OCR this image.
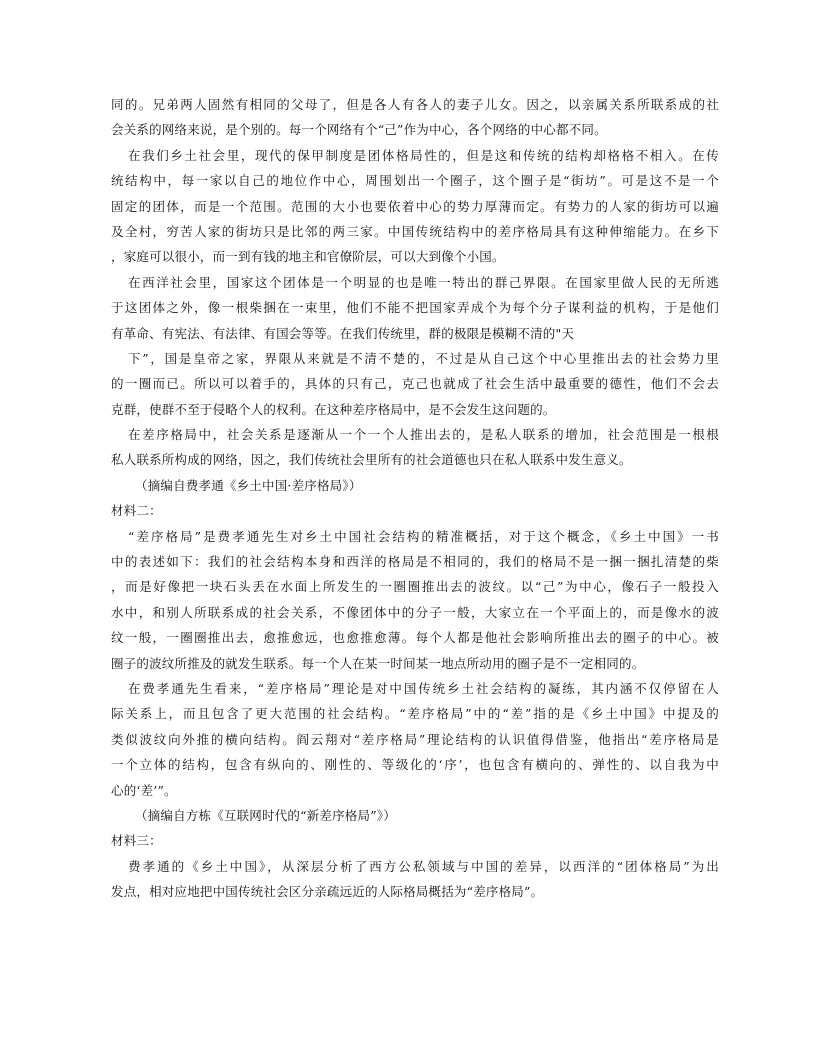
同的。兄弟两人固然有相同的父母了，但是各人有各人的妻子儿女。因之，以亲属关系所联系成的社
会关系的网络来说，是个别的。每一个网络有个“己”作为中心，各个网络的中心都不同。
在我们乡土社会里，现代的保甲制度是团体格局性的，但是这和传统的结构却格格不相入。在传
统结构中，每一家以自己的地位作中心，周围划出一个圈子，这个圈子是“街坊”。可是这不是一个
固定的团体，而是一个范围。范围的大小也要依着中心的势力厚薄而定。有势力的人家的街坊可以遍
及全村，穷苦人家的街坊只是比邻的两三家。中国传统结构中的差序格局具有这种伸缩能力。在乡下
，家庭可以很小，而一到有钱的地主和官僚阶层，可以大到像个小国。
在西洋社会里，国家这个团体是一个明显的也是唯一特出的群己界限。在国家里做人民的无所逃
于这团体之外，像一根柴捆在一束里，他们不能不把国家弄成个为每个分子谋利益的机构，于是他们
有革命、有宪法、有法律、有国会等等。在我们传统里，群的极限是模糊不清的"天
下”，国是皇帝之家，界限从来就是不清不楚的，不过是从自己这个中心里推出去的社会势力里
的一圈而已。所以可以着手的，具体的只有己，克己也就成了社会生活中最重要的德性，他们不会去
克群，使群不至于侵略个人的权利。在这种差序格局中，是不会发生这问题的。
在差序格局中，社会关系是逐渐从一个一个人推出去的，是私人联系的增加，社会范围是一根根
私人联系所构成的网络，因之，我们传统社会里所有的社会道德也只在私人联系中发生意义。
（摘编自费孝通《乡土中国·差序格局》）
材料二：
“差序格局”是费孝通先生对乡土中国社会结构的精准概括，对于这个概念，《乡土中国》一书
中的表述如下：我们的社会结构本身和西洋的格局是不相同的，我们的格局不是一捆一捆扎清楚的柴
，而是好像把一块石头丢在水面上所发生的一圈圈推出去的波纹。以“己”为中心，像石子一般投入
水中，和别人所联系成的社会关系，不像团体中的分子一般，大家立在一个平面上的，而是像水的波
纹一般，一圈圈推出去，愈推愈远，也愈推愈薄。每个人都是他社会影响所推出去的圈子的中心。被
圈子的波纹所推及的就发生联系。每一个人在某一时间某一地点所动用的圈子是不一定相同的。
在费孝通先生看来，“差序格局”理论是对中国传统乡土社会结构的凝练，其内涵不仅停留在人
际关系上，而且包含了更大范围的社会结构。“差序格局”中的“差”指的是《乡土中国》中提及的
类似波纹向外推的横向结构。阎云翔对“差序格局”理论结构的认识值得借鉴，他指出“差序格局是
一个立体的结构，包含有纵向的、刚性的、等级化的‘序’，也包含有横向的、弹性的、以自我为中
心的‘差’”。
（摘编自方栋《互联网时代的“新差序格局”》）
材料三：
费孝通的《乡土中国》，从深层分析了西方公私领域与中国的差异，以西洋的“团体格局”为出
发点，相对应地把中国传统社会区分亲疏远近的人际格局概括为“差序格局”。
